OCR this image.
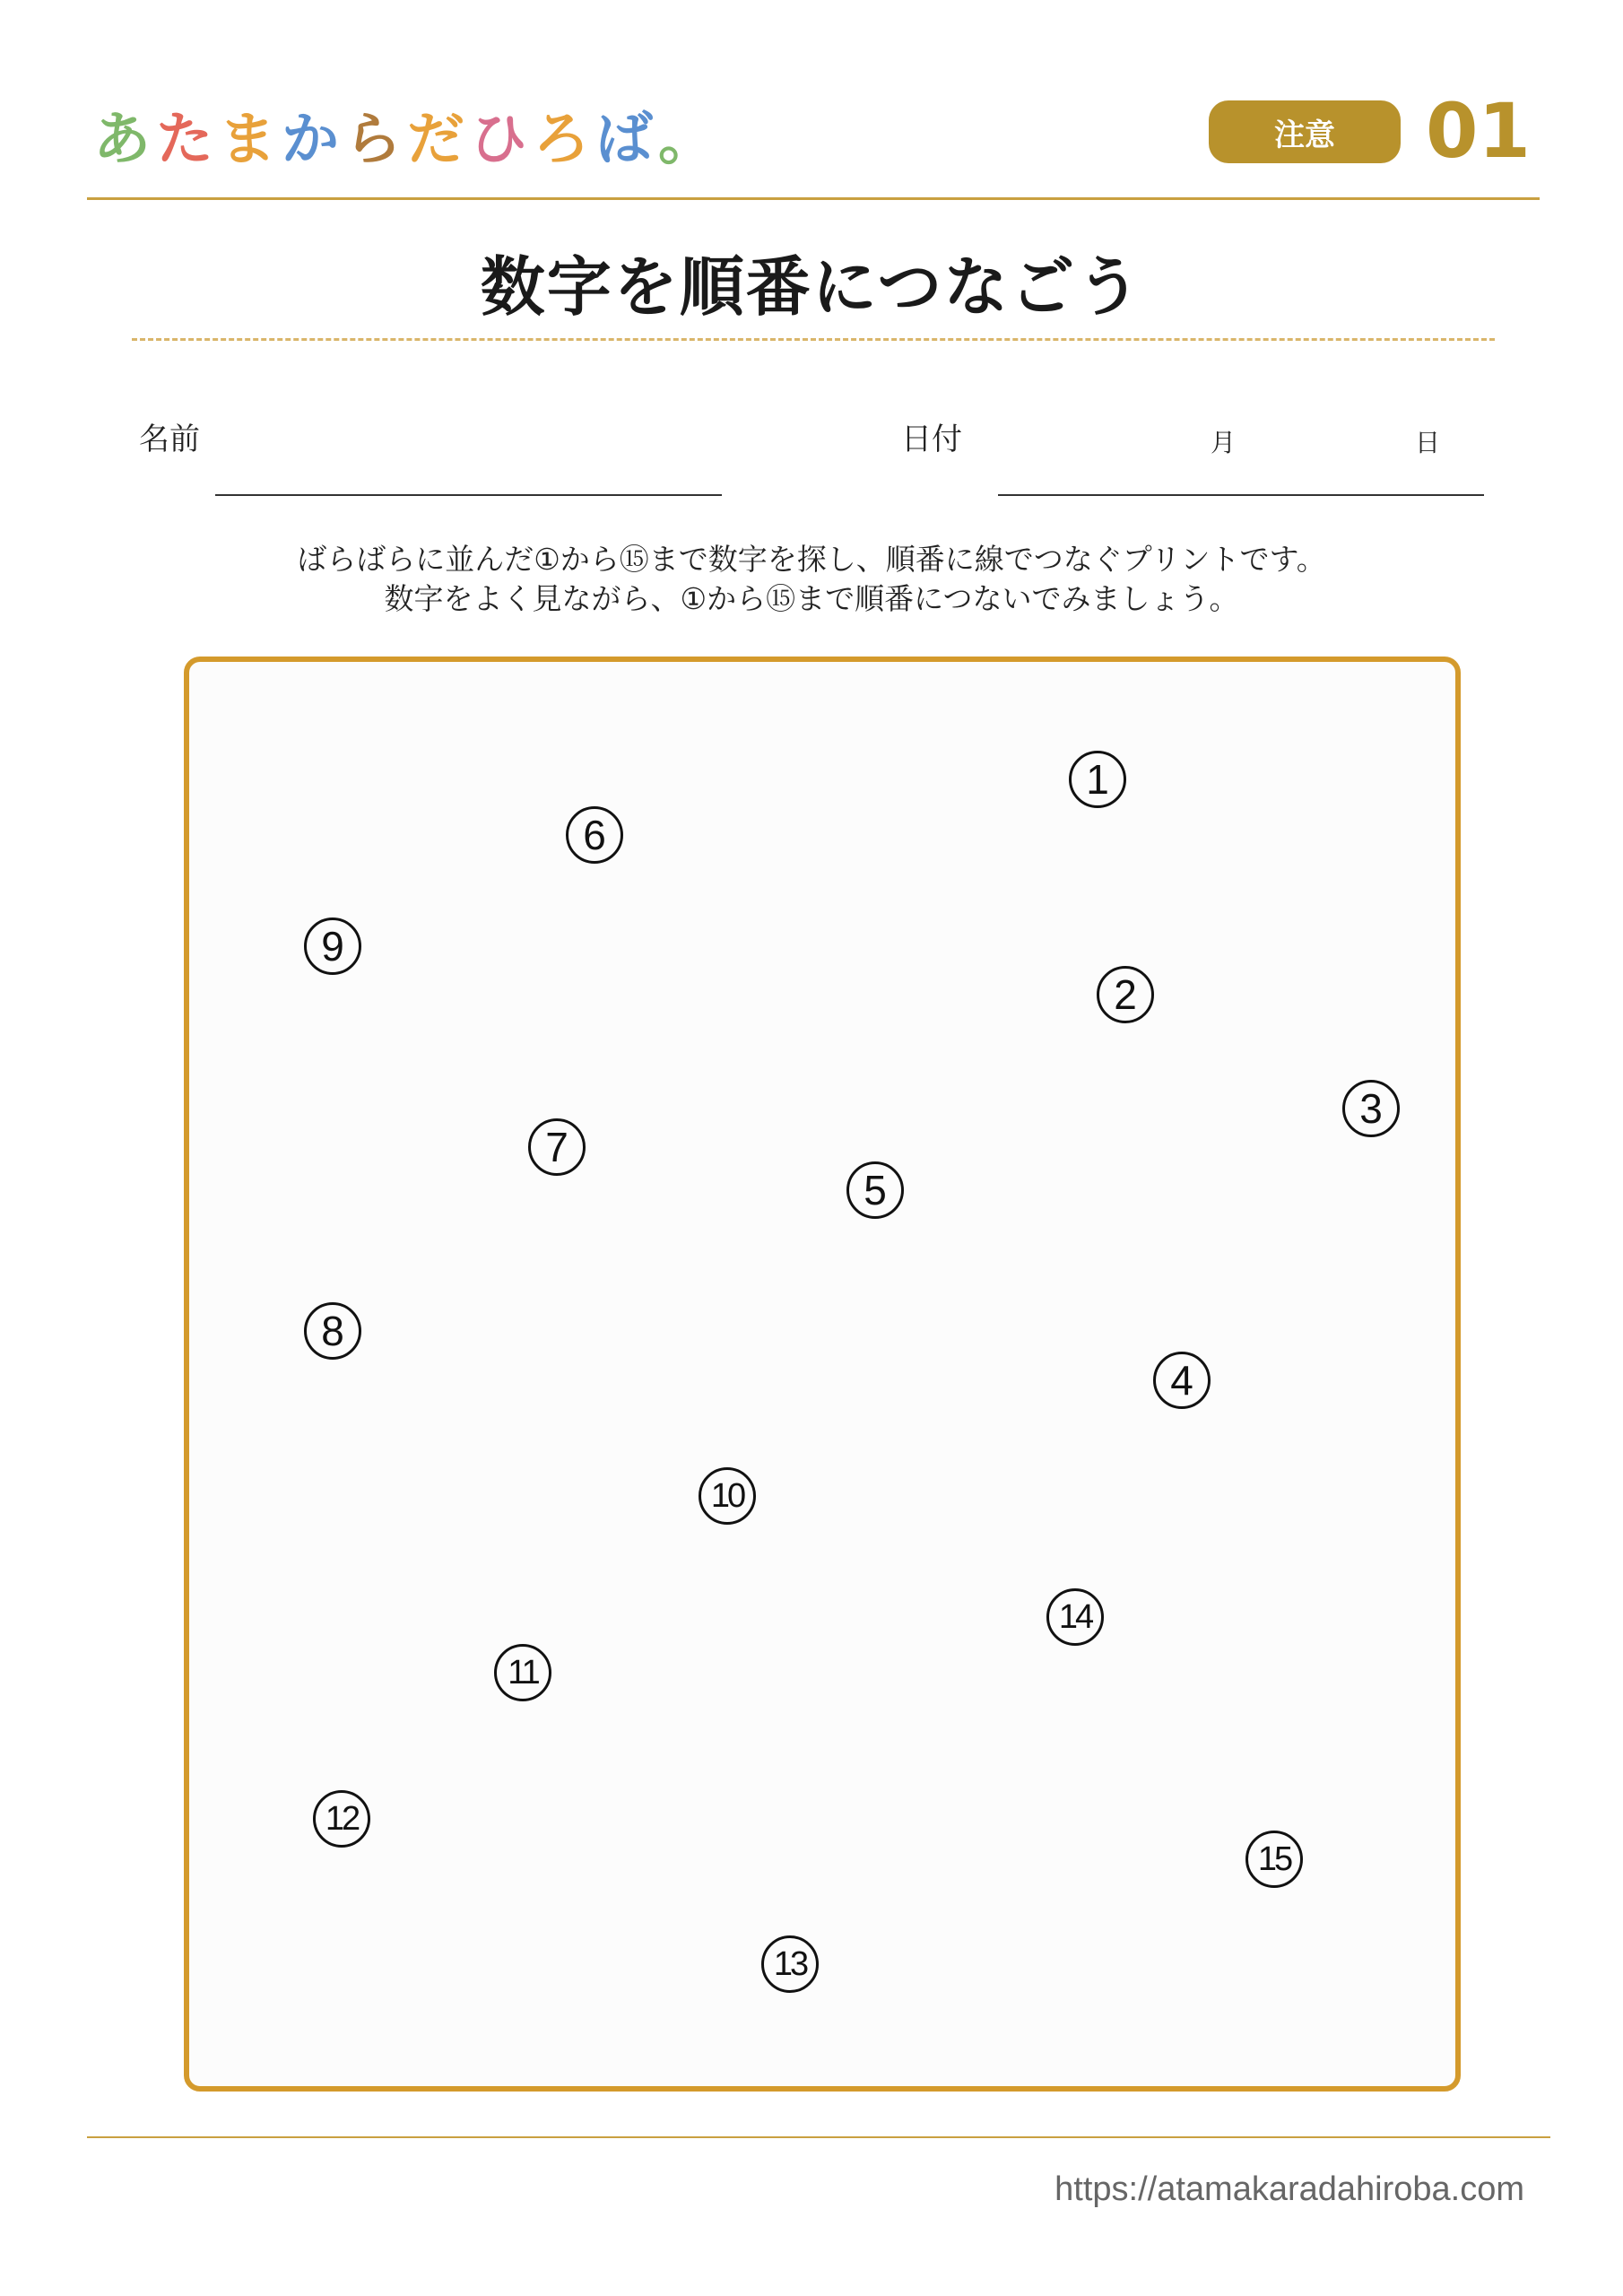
あ た ま か ら だ ひ ろ ば 。	注意	01
数字を順番につなごう
名前	日付	月	日
ばらばらに並んだ①から⑮まで数字を探し、順番に線でつなぐプリントです。
数字をよく見ながら、①から⑮まで順番につないでみましょう。
1
2
3
4
5
6
7
8
9
10
11
12
13
14
15
https://atamakaradahiroba.com
